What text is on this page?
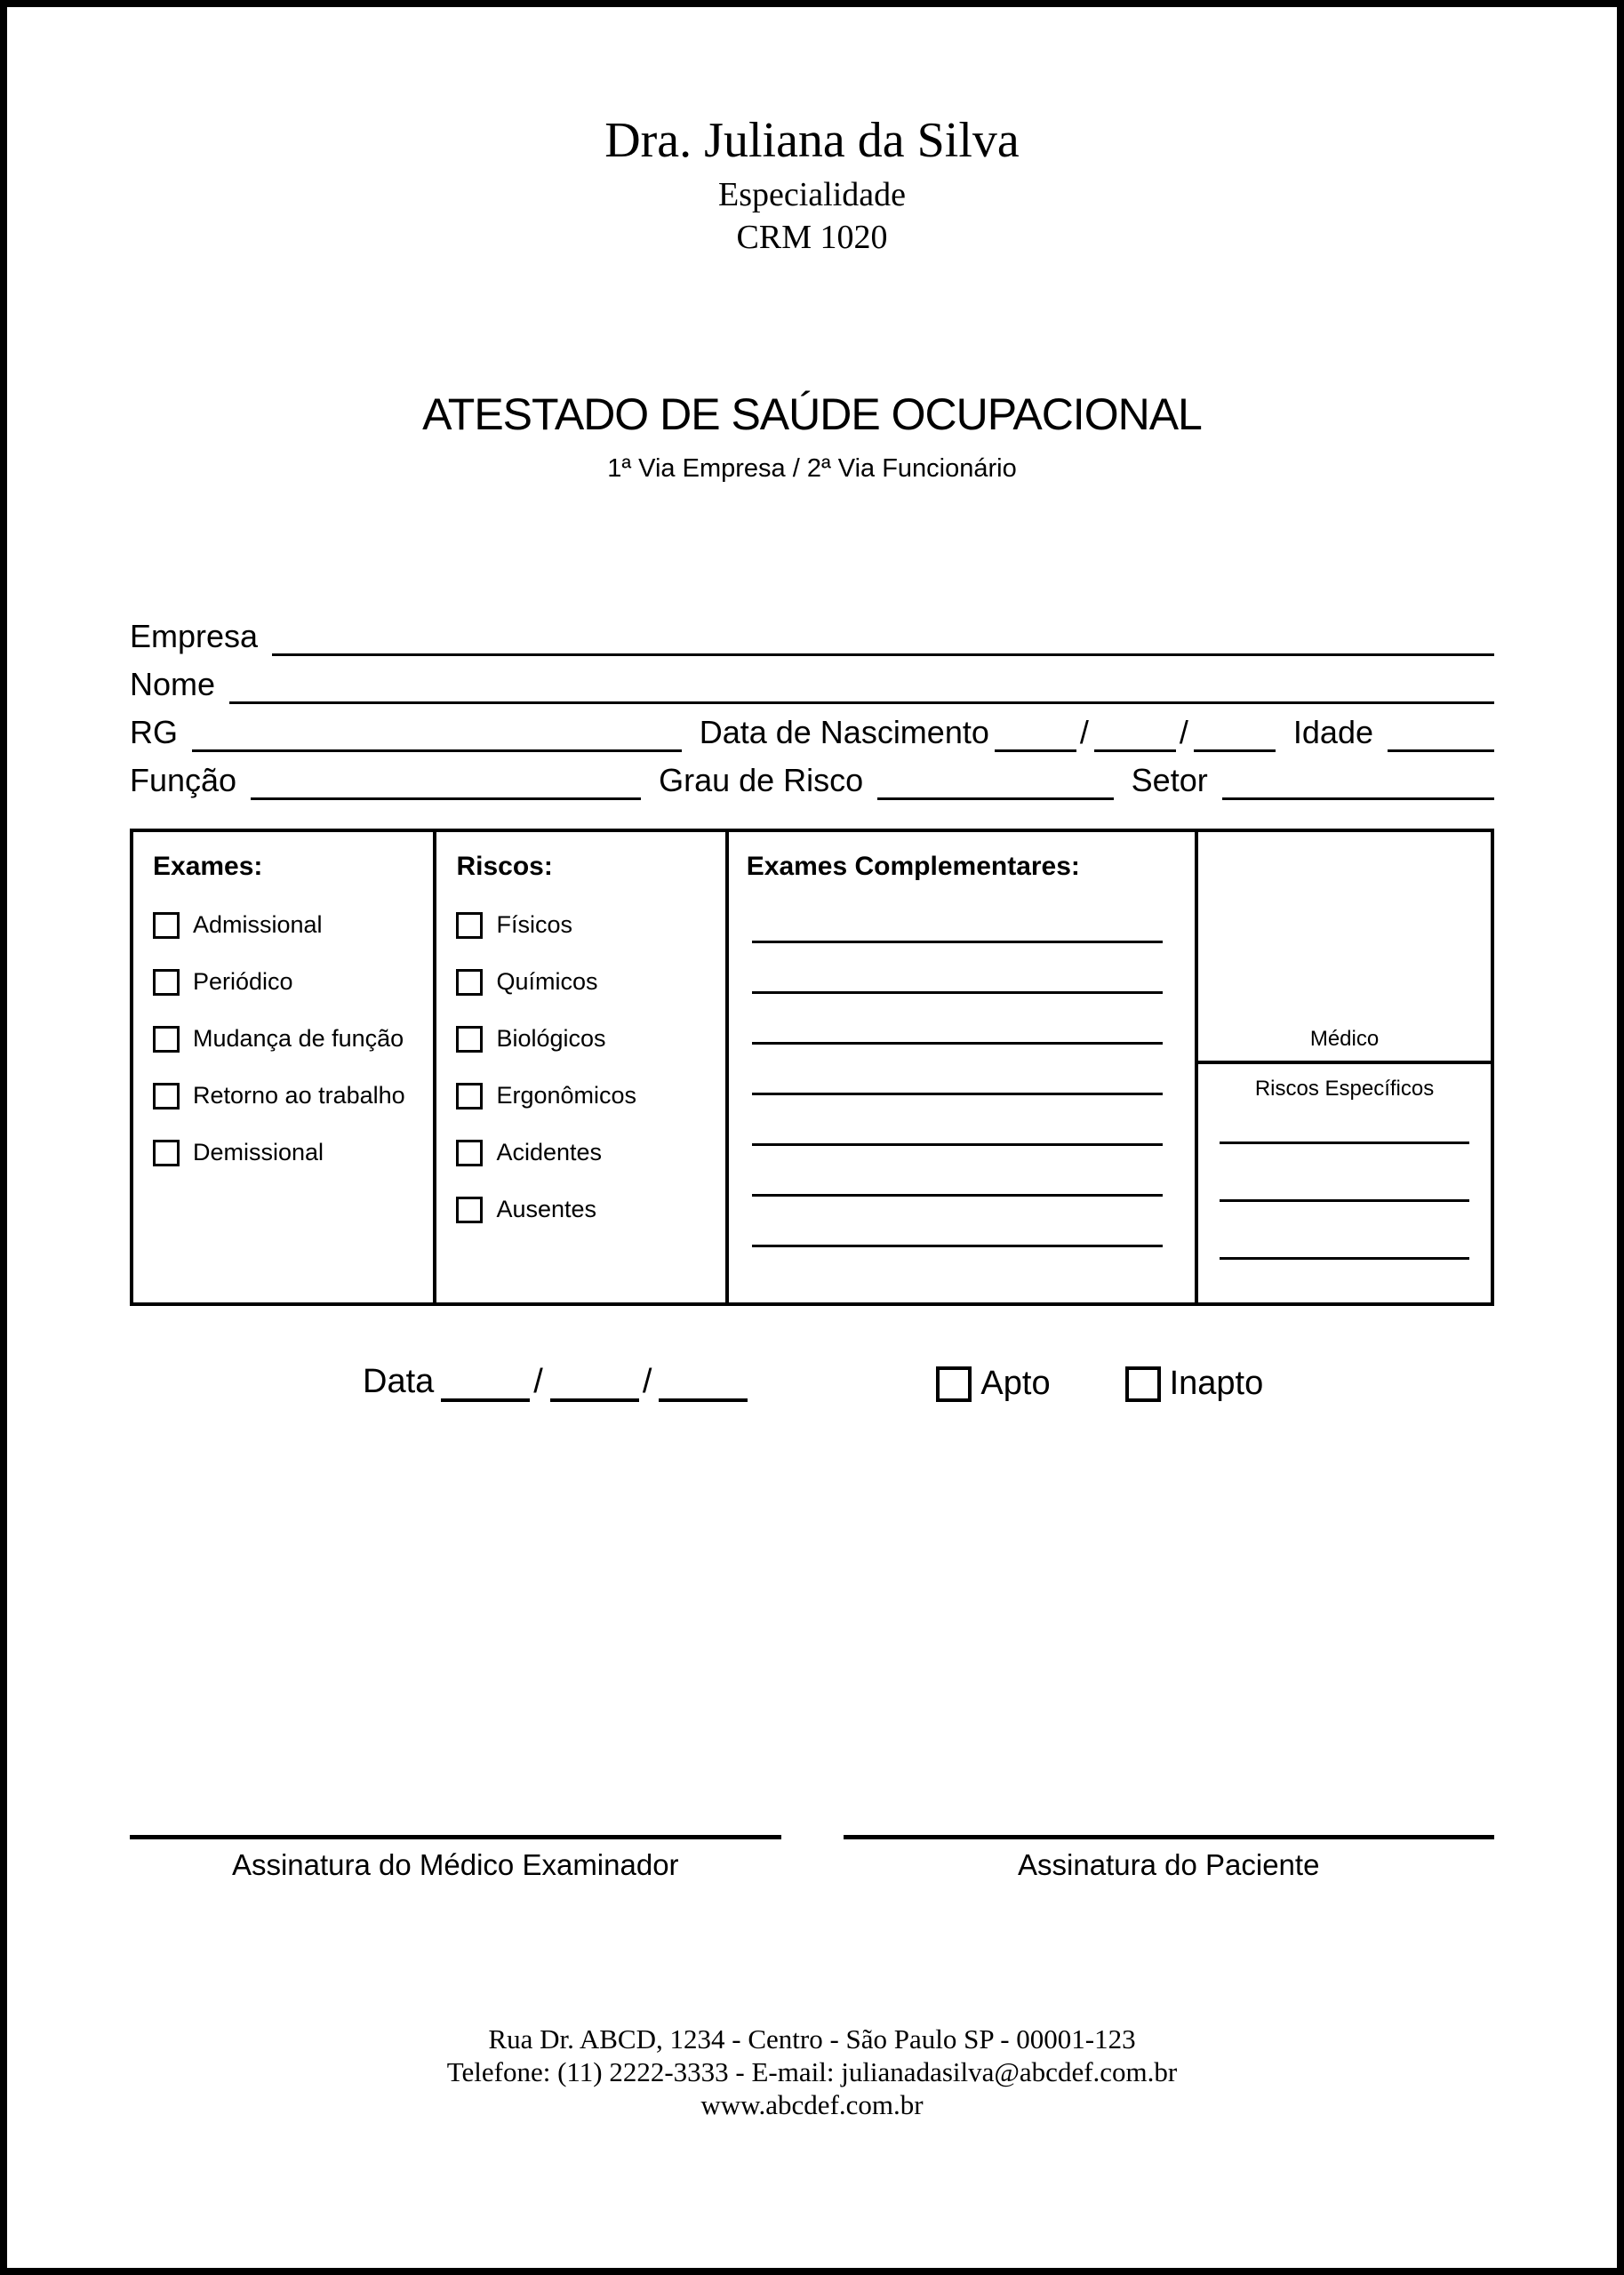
Dra. Juliana da Silva
Especialidade
CRM 1020
ATESTADO DE SAÚDE OCUPACIONAL
1ª Via Empresa / 2ª Via Funcionário
Empresa
Nome
RG	Data de Nascimento	/	/	Idade
Função	Grau de Risco	Setor
Exames:
Admissional
Periódico
Mudança de função
Retorno ao trabalho
Demissional
Riscos:
Físicos
Químicos
Biológicos
Ergonômicos
Acidentes
Ausentes
Exames Complementares:
Médico
Riscos Específicos
Data	/	/	Apto	Inapto
Assinatura do Médico Examinador	Assinatura do Paciente
Rua Dr. ABCD, 1234 - Centro - São Paulo SP - 00001-123
Telefone: (11) 2222-3333 - E-mail: julianadasilva@abcdef.com.br
www.abcdef.com.br
